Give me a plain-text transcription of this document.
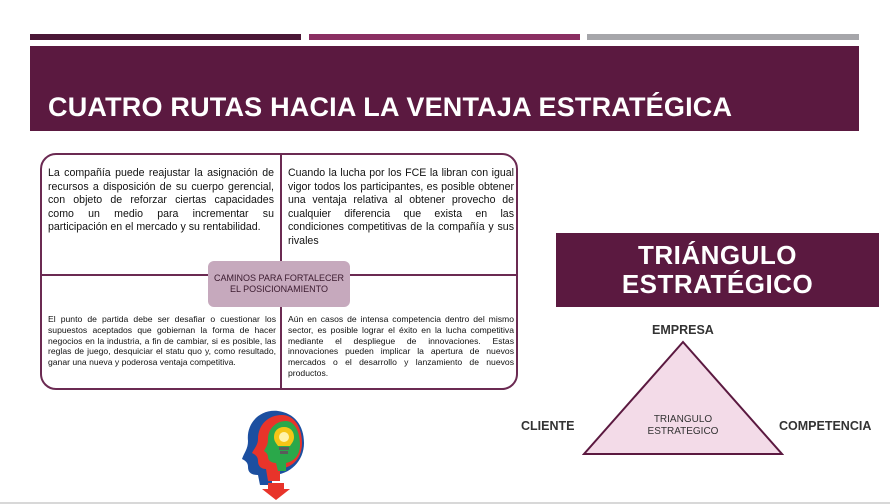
CUATRO RUTAS HACIA LA VENTAJA ESTRATÉGICA
La compañía puede reajustar la asignación de recursos a disposición de su cuerpo gerencial, con objeto de reforzar ciertas capacidades como un medio para incrementar su participación en el mercado y su rentabilidad.
Cuando la lucha por los FCE la libran con igual vigor todos los participantes, es posible obtener una ventaja relativa al obtener provecho de cualquier diferencia que exista en las condiciones competitivas de la compañía y sus rivales
El punto de partida debe ser desafiar o cuestionar los supuestos aceptados que gobiernan la forma de hacer negocios en la industria, a fin de cambiar, si es posible, las reglas de juego, desquiciar el statu quo y, como resultado, ganar una nueva y poderosa ventaja competitiva.
Aún en casos de intensa competencia dentro del mismo sector, es posible lograr el éxito en la lucha competitiva mediante el despliegue de innovaciones. Estas innovaciones pueden implicar la apertura de nuevos mercados o el desarrollo y lanzamiento de nuevos productos.
CAMINOS PARA FORTALECER EL POSICIONAMIENTO
TRIÁNGULO ESTRATÉGICO
EMPRESA
CLIENTE	COMPETENCIA
TRIANGULO ESTRATEGICO
